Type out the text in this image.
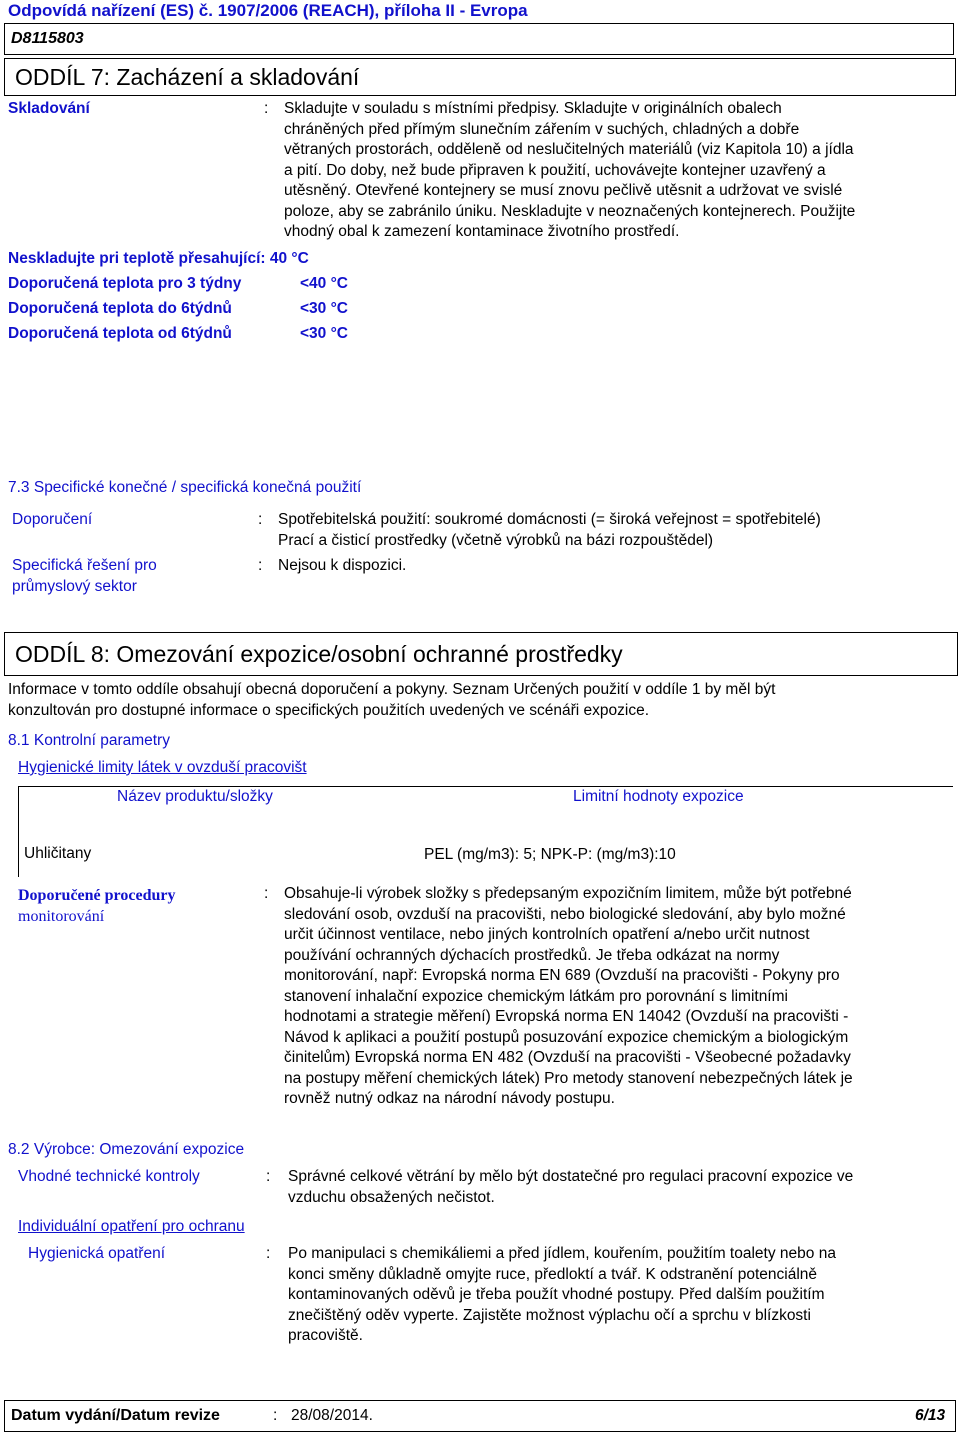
Odpovídá nařízení (ES) č. 1907/2006 (REACH), příloha II - Evropa
D8115803
ODDÍL 7: Zacházení a skladování
Skladování	: Skladujte v souladu s místními předpisy. Skladujte v originálních obalech
chráněných před přímým slunečním zářením v suchých, chladných a dobře
větraných prostorách, odděleně od neslučitelných materiálů (viz Kapitola 10) a jídla
a pití. Do doby, než bude připraven k použití, uchovávejte kontejner uzavřený a
utěsněný. Otevřené kontejnery se musí znovu pečlivě utěsnit a udržovat ve svislé
poloze, aby se zabránilo úniku. Neskladujte v neoznačených kontejnerech. Použijte
vhodný obal k zamezení kontaminace životního prostředí.
Neskladujte pri teplotě přesahující: 40 °C
Doporučená teplota pro 3 týdny	<40 °C
Doporučená teplota do 6týdnů	<30 °C
Doporučená teplota od 6týdnů	<30 °C
7.3 Specifické konečné / specifická konečná použití
Doporučení	: Spotřebitelská použití: soukromé domácnosti (= široká veřejnost = spotřebitelé)
Prací a čisticí prostředky (včetně výrobků na bázi rozpouštědel)
Specifická řešení pro
průmyslový sektor
: Nejsou k dispozici.
ODDÍL 8: Omezování expozice/osobní ochranné prostředky
Informace v tomto oddíle obsahují obecná doporučení a pokyny. Seznam Určených použití v oddíle 1 by měl být
konzultován pro dostupné informace o specifických použitích uvedených ve scénáři expozice.
8.1 Kontrolní parametry
Hygienické limity látek v ovzduší pracovišt
Název produktu/složky	Limitní hodnoty expozice
Uhličitany	PEL (mg/m3): 5; NPK-P: (mg/m3):10
Doporučené procedury
monitorování
: Obsahuje-li výrobek složky s předepsaným expozičním limitem, může být potřebné
sledování osob, ovzduší na pracovišti, nebo biologické sledování, aby bylo možné
určit účinnost ventilace, nebo jiných kontrolních opatření a/nebo určit nutnost
používání ochranných dýchacích prostředků. Je třeba odkázat na normy
monitorování, např: Evropská norma EN 689 (Ovzduší na pracovišti - Pokyny pro
stanovení inhalační expozice chemickým látkám pro porovnání s limitními
hodnotami a strategie měření) Evropská norma EN 14042 (Ovzduší na pracovišti -
Návod k aplikaci a použití postupů posuzování expozice chemickým a biologickým
činitelům) Evropská norma EN 482 (Ovzduší na pracovišti - Všeobecné požadavky
na postupy měření chemických látek) Pro metody stanovení nebezpečných látek je
rovněž nutný odkaz na národní návody postupu.
8.2 Výrobce: Omezování expozice
Vhodné technické kontroly	: Správné celkové větrání by mělo být dostatečné pro regulaci pracovní expozice ve
vzduchu obsažených nečistot.
Individuální opatření pro ochranu
Hygienická opatření	: Po manipulaci s chemikáliemi a před jídlem, kouřením, použitím toalety nebo na
konci směny důkladně omyjte ruce, předloktí a tvář. K odstranění potenciálně
kontaminovaných oděvů je třeba použít vhodné postupy. Před dalším použitím
znečištěný oděv vyperte. Zajistěte možnost výplachu očí a sprchu v blízkosti
pracoviště.
Datum vydání/Datum revize	: 28/08/2014.	6/13
